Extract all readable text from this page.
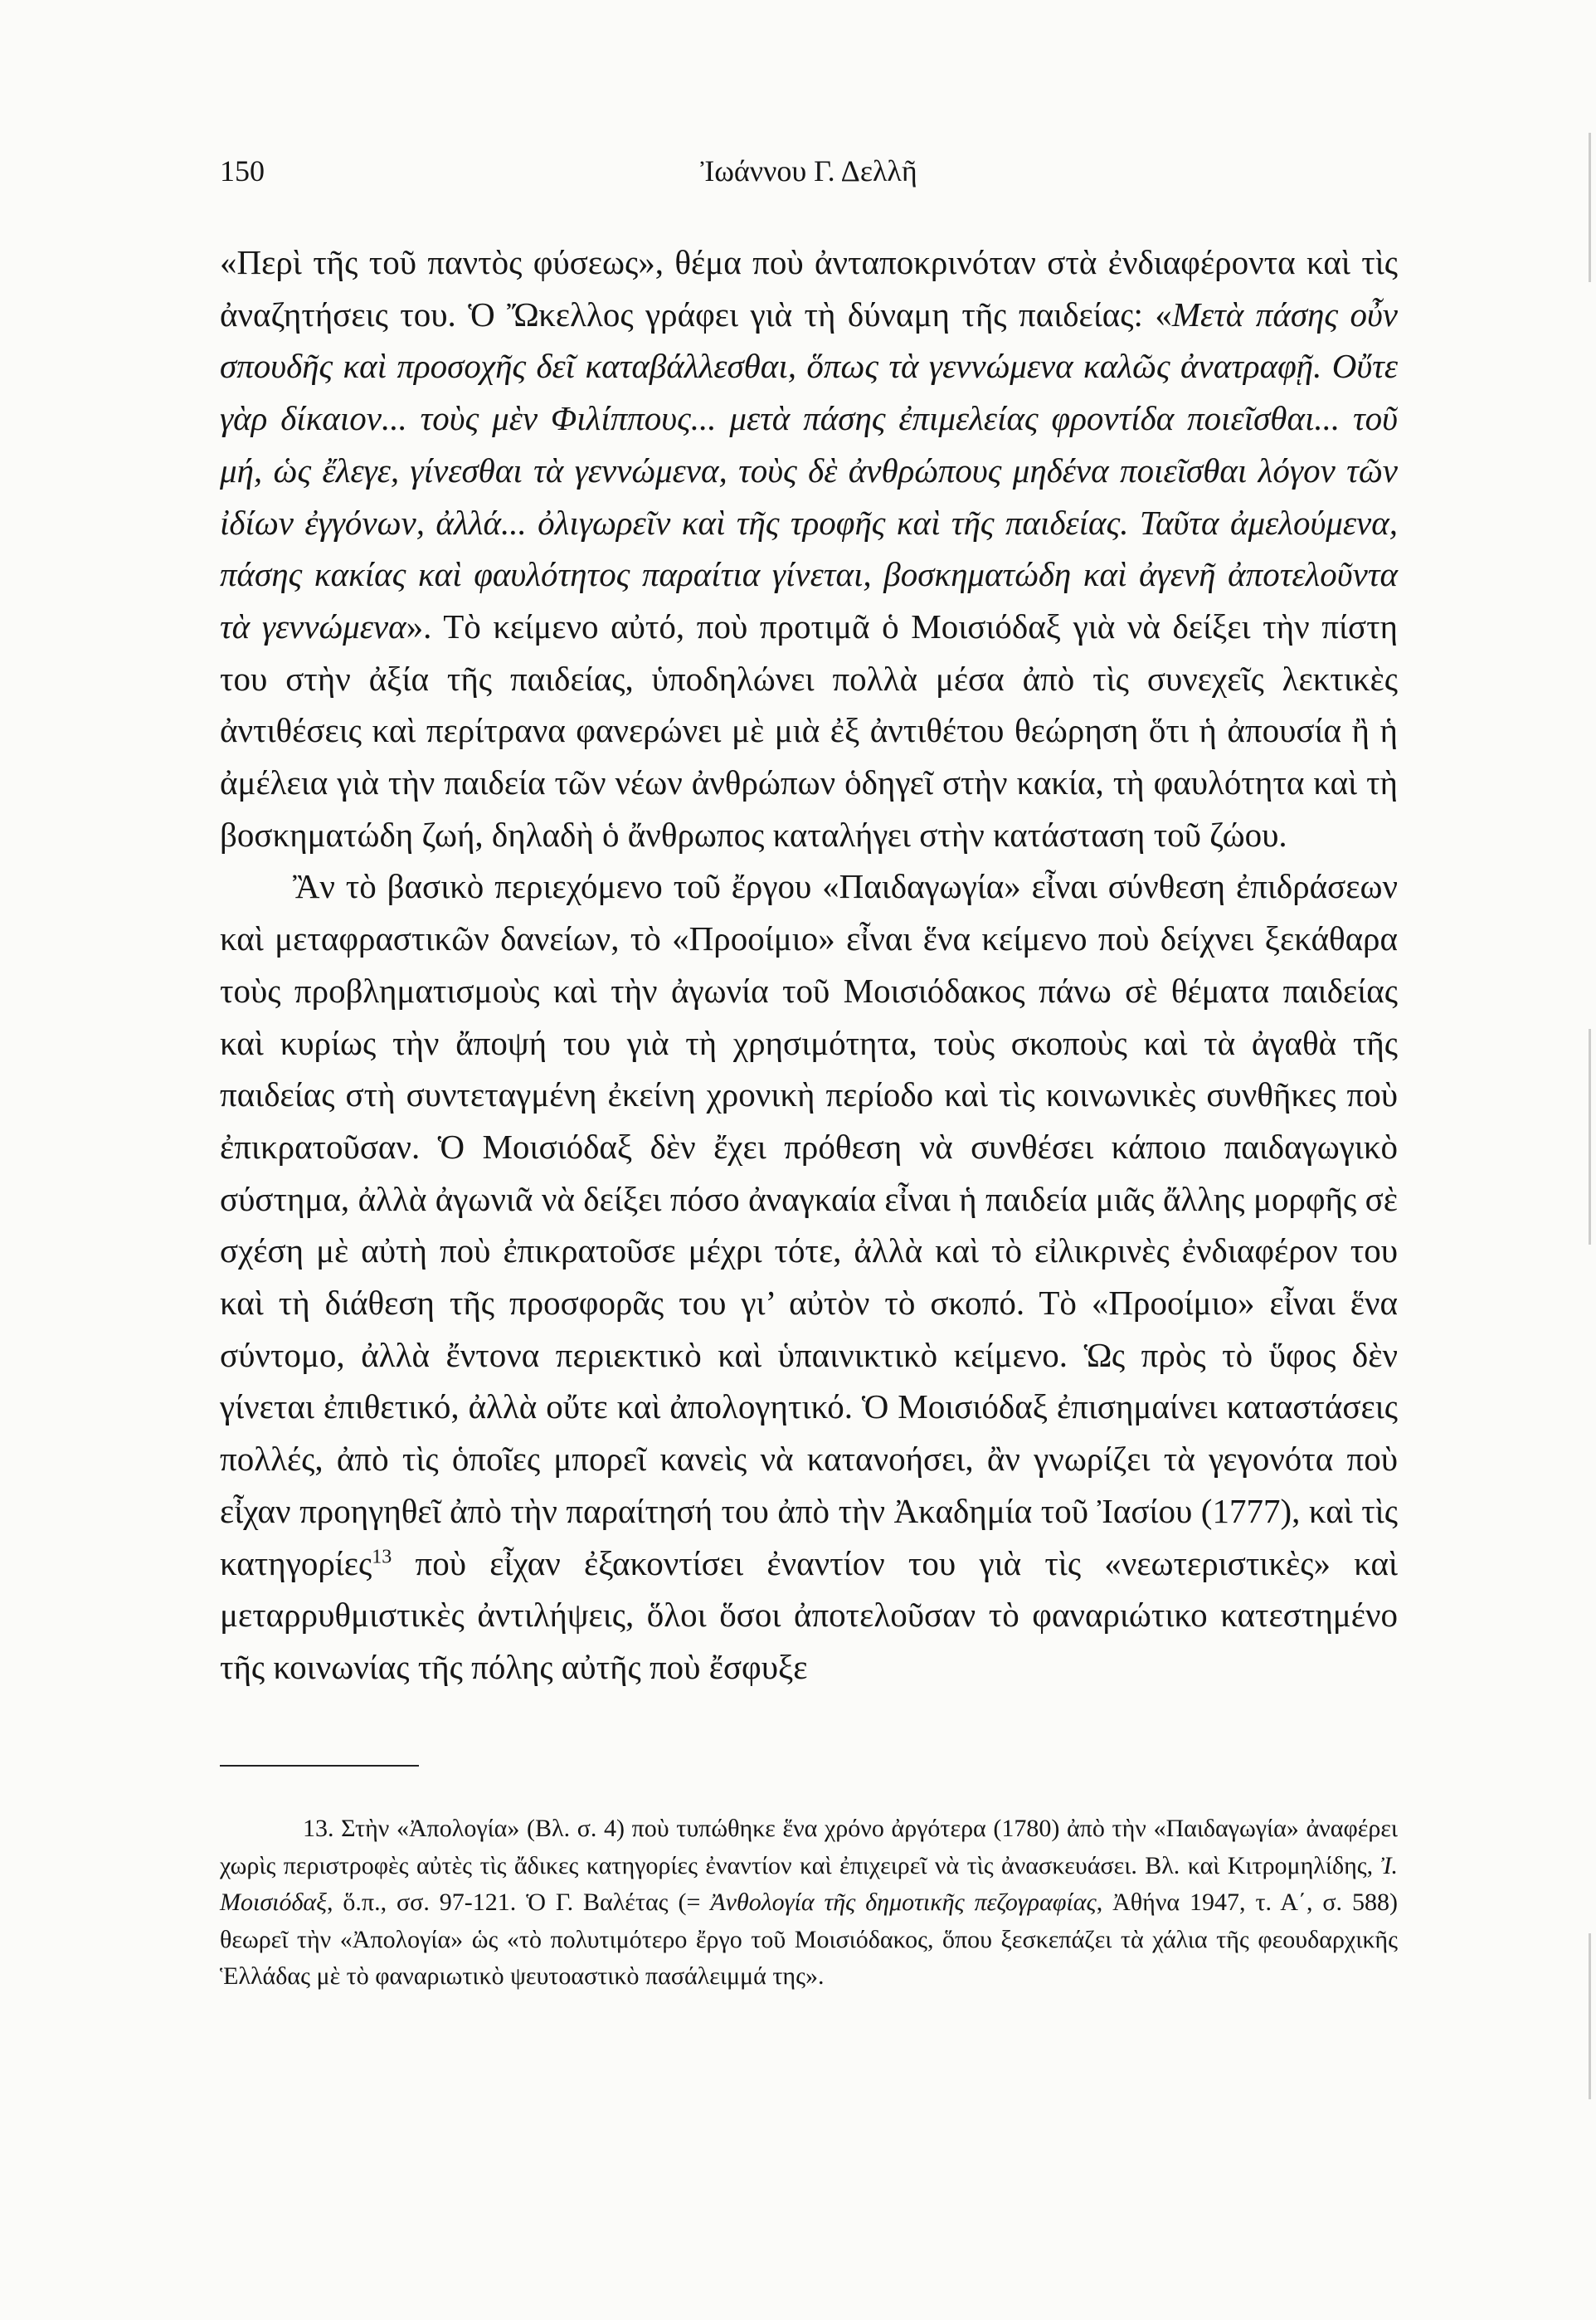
150	Ἰωάννου Γ. Δελλῆ

«Περὶ τῆς τοῦ παντὸς φύσεως», θέμα ποὺ ἀνταποκρινόταν στὰ ἐνδιαφέροντα καὶ τὶς ἀναζητήσεις του. Ὁ Ὤκελλος γράφει γιὰ τὴ δύναμη τῆς παιδείας: «Μετὰ πάσης οὖν σπουδῆς καὶ προσοχῆς δεῖ καταβάλλεσθαι, ὅπως τὰ γεννώμενα καλῶς ἀνατραφῇ. Οὔτε γὰρ δίκαιον... τοὺς μὲν Φιλίππους... μετὰ πάσης ἐπιμελείας φροντίδα ποιεῖσθαι... τοῦ μή, ὡς ἔλεγε, γίνεσθαι τὰ γεννώμενα, τοὺς δὲ ἀνθρώπους μηδένα ποιεῖσθαι λόγον τῶν ἰδίων ἐγγόνων, ἀλλά... ὀλιγωρεῖν καὶ τῆς τροφῆς καὶ τῆς παιδείας. Ταῦτα ἀμελούμενα, πάσης κακίας καὶ φαυλότητος παραίτια γίνεται, βοσκηματώδη καὶ ἀγενῆ ἀποτελοῦντα τὰ γεννώμενα». Τὸ κείμενο αὐτό, ποὺ προτιμᾶ ὁ Μοισιόδαξ γιὰ νὰ δείξει τὴν πίστη του στὴν ἀξία τῆς παιδείας, ὑποδηλώνει πολλὰ μέσα ἀπὸ τὶς συνεχεῖς λεκτικὲς ἀντιθέσεις καὶ περίτρανα φανερώνει μὲ μιὰ ἐξ ἀντιθέτου θεώρηση ὅτι ἡ ἀπουσία ἢ ἡ ἀμέλεια γιὰ τὴν παιδεία τῶν νέων ἀνθρώπων ὁδηγεῖ στὴν κακία, τὴ φαυλότητα καὶ τὴ βοσκηματώδη ζωή, δηλαδὴ ὁ ἄνθρωπος καταλήγει στὴν κατάσταση τοῦ ζώου.

Ἂν τὸ βασικὸ περιεχόμενο τοῦ ἔργου «Παιδαγωγία» εἶναι σύνθεση ἐπιδράσεων καὶ μεταφραστικῶν δανείων, τὸ «Προοίμιο» εἶναι ἕνα κείμενο ποὺ δείχνει ξεκάθαρα τοὺς προβληματισμοὺς καὶ τὴν ἀγωνία τοῦ Μοισιόδακος πάνω σὲ θέματα παιδείας καὶ κυρίως τὴν ἄποψή του γιὰ τὴ χρησιμότητα, τοὺς σκοποὺς καὶ τὰ ἀγαθὰ τῆς παιδείας στὴ συντεταγμένη ἐκείνη χρονικὴ περίοδο καὶ τὶς κοινωνικὲς συνθῆκες ποὺ ἐπικρατοῦσαν. Ὁ Μοισιόδαξ δὲν ἔχει πρόθεση νὰ συνθέσει κάποιο παιδαγωγικὸ σύστημα, ἀλλὰ ἀγωνιᾶ νὰ δείξει πόσο ἀναγκαία εἶναι ἡ παιδεία μιᾶς ἄλλης μορφῆς σὲ σχέση μὲ αὐτὴ ποὺ ἐπικρατοῦσε μέχρι τότε, ἀλλὰ καὶ τὸ εἰλικρινὲς ἐνδιαφέρον του καὶ τὴ διάθεση τῆς προσφορᾶς του γι’ αὐτὸν τὸ σκοπό. Τὸ «Προοίμιο» εἶναι ἕνα σύντομο, ἀλλὰ ἔντονα περιεκτικὸ καὶ ὑπαινικτικὸ κείμενο. Ὡς πρὸς τὸ ὕφος δὲν γίνεται ἐπιθετικό, ἀλλὰ οὔτε καὶ ἀπολογητικό. Ὁ Μοισιόδαξ ἐπισημαίνει καταστάσεις πολλές, ἀπὸ τὶς ὁποῖες μπορεῖ κανεὶς νὰ κατανοήσει, ἂν γνωρίζει τὰ γεγονότα ποὺ εἶχαν προηγηθεῖ ἀπὸ τὴν παραίτησή του ἀπὸ τὴν Ἀκαδημία τοῦ Ἰασίου (1777), καὶ τὶς κατηγορίες$^{13}$ ποὺ εἶχαν ἐξακοντίσει ἐναντίον του γιὰ τὶς «νεωτεριστικὲς» καὶ μεταρρυθμιστικὲς ἀντιλήψεις, ὅλοι ὅσοι ἀποτελοῦσαν τὸ φαναριώτικο κατεστημένο τῆς κοινωνίας τῆς πόλης αὐτῆς ποὺ ἔσφυξε

13. Στὴν «Ἀπολογία» (Βλ. σ. 4) ποὺ τυπώθηκε ἕνα χρόνο ἀργότερα (1780) ἀπὸ τὴν «Παιδαγωγία» ἀναφέρει χωρὶς περιστροφὲς αὐτὲς τὶς ἄδικες κατηγορίες ἐναντίον καὶ ἐπιχειρεῖ νὰ τὶς ἀνασκευάσει. Βλ. καὶ Κιτρομηλίδης, Ἰ. Μοισιόδαξ, ὅ.π., σσ. 97-121. Ὁ Γ. Βαλέτας (= Ἀνθολογία τῆς δημοτικῆς πεζογραφίας, Ἀθήνα 1947, τ. Α΄, σ. 588) θεωρεῖ τὴν «Ἀπολογία» ὡς «τὸ πολυτιμότερο ἔργο τοῦ Μοισιόδακος, ὅπου ξεσκεπάζει τὰ χάλια τῆς φεουδαρχικῆς Ἑλλάδας μὲ τὸ φαναριωτικὸ ψευτοαστικὸ πασάλειμμά της».
